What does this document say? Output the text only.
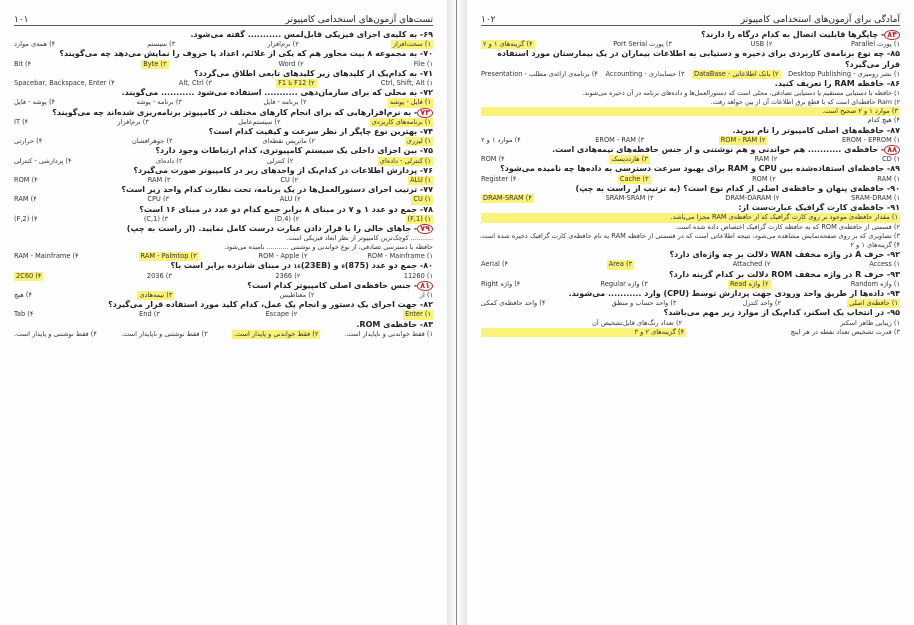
تست‌های آزمون‌های استخدامی کامپیوتر
۱۰۱
۶۹- به کلیه‌ی اجزای فیزیکی قابل‌لمس ........... گفته می‌شود.
۱) سخت‌افزار
۲) نرم‌افزار
۳) سیستم
۴) همه‌ی موارد
۷۰- به مجموعه ۸ بیت مجاور هم که یکی از علائم، اعداد یا حروف را نمایش می‌دهد چه می‌گویند؟
۱) File
۲) Word
۳) Byte
۴) Bit
۷۱- به کدام‌یک از کلیدهای زیر کلیدهای تابعی اطلاق می‌گردد؟
۱) Ctrl, Shift, Alt
۲) F12 تا F1
۳) Alt, Ctrl
۴) Spacebar, Backspace, Enter
۷۲- به محلی که برای سازمان‌دهی ........... استفاده می‌شود ........... می‌گویند.
۱) فایل - پوشه
۲) برنامه - فایل
۳) برنامه - پوشه
۴) پوشه - فایل
۷۳- به نرم‌افزارهایی که برای انجام کارهای مختلف در کامپیوتر برنامه‌ریزی شده‌اند چه می‌گویند؟
۱) برنامه‌های کاربردی
۲) سیستم‌عامل
۳) نرم‌افزار
۴) IT
۷۴- بهترین نوع چاپگر از نظر سرعت و کیفیت کدام است؟
۱) لیزری
۲) ماتریس نقطه‌ای
۳) جوهرافشان
۴) حرارتی
۷۵- بین اجزای داخلی یک سیستم کامپیوتری، کدام ارتباطات وجود دارد؟
۱) کنترلی - داده‌ای
۲) کنترلی
۳) داده‌ای
۴) پردازشی - کنترلی
۷۶- پردازش اطلاعات در کدام‌یک از واحدهای زیر در کامپیوتر صورت می‌گیرد؟
۱) ALU
۲) CU
۳) RAM
۴) ROM
۷۷- ترتیب اجرای دستورالعمل‌ها در یک برنامه، تحت نظارت کدام واحد زیر است؟
۱) CU
۲) ALU
۳) CPU
۴) RAM
۷۸- جمع دو عدد ۱ و ۷ در مبنای ۸ برابر جمع کدام دو عدد در مبنای ۱۶ است؟
۱) (1,F)
۲) (4,D)
۳) (1,C)
۴) (2,F)
۷۹- جاهای خالی را با قرار دادن عبارت درست کامل نمایید. (از راست به چپ)
........... کوچک‌ترین کامپیوتر از نظر ابعاد فیزیکی است.
حافظه با دسترسی تصادفی، از نوع خواندنی و نوشتنی ........... نامیده می‌شود.
۱) ROM - Mainframe
۲) ROM - Apple
۳) RAM - Palmtop
۴) RAM - Mainframe
۸۰- جمع دو عدد (875)₈ و (23EB)₁₆ در مبنای شانزده برابر است با؟
۱) 11260
۲) 2366
۳) 2036
۴) 2C60
۸۱- جنس حافظه‌ی اصلی کامپیوتر کدام است؟
۱) از
۲) مغناطیس
۳) نیمه‌هادی
۴) هیچ
۸۲- جهت اجرای یک دستور و انجام یک عمل، کدام کلید مورد استفاده قرار می‌گیرد؟
۱) Enter
۲) Escape
۳) End
۴) Tab
۸۳- حافظه‌ی ROM.
۱) فقط خواندنی و ناپایدار است.
۲) فقط خواندنی و پایدار است.
۳) فقط نوشتنی و ناپایدار است.
۴) فقط نوشتنی و پایدار است.
آمادگی برای آزمون‌های استخدامی کامپیوتر
۱۰۲
۸۴- چاپگرها قابلیت اتصال به کدام درگاه را دارند؟
۱) پورت Parallel
۲) USB
۳) پورت Port Serial
۴) گزینه‌های ۱ و ۲
۸۵- چه نوع برنامه‌ی کاربردی برای ذخیره و دستیابی به اطلاعات بیماران در یک بیمارستان مورد استفاده قرار می‌گیرد؟
۱) نشر رومیزی - Desktop Publishing
۲) بانک اطلاعاتی - DataBase
۳) حسابداری - Accounting
۴) برنامه‌ی ارائه‌ی مطلب - Presentation
۸۶- حافظه RAM را تعریف کنید.
۱) حافظه با دستیابی مستقیم یا دستیابی تصادفی، محلی است که دستورالعمل‌ها و داده‌های برنامه در آن ذخیره می‌شوند.
۲) Ram حافظه‌ای است که با قطع برق اطلاعات آن از بین خواهد رفت.
۳) موارد ۱ و ۲ صحیح است.
۴) هیچ کدام
۸۷- حافظه‌های اصلی کامپیوتر را نام ببرید.
۱) EROM - EPROM
۲) ROM - RAM
۳) EROM - RAM
۴) موارد ۱ و ۲
۸۸- حافظه‌ی ........... هم خواندنی و هم نوشتنی و از جنس حافظه‌های نیمه‌هادی است.
۱) CD
۲) RAM
۳) هارددیسک
۴) ROM
۸۹- حافظه‌ای استفاده‌شده بین CPU و RAM برای بهبود سرعت دسترسی به داده‌ها چه نامیده می‌شود؟
۱) RAM
۲) ROM
۳) Cache
۴) Register
۹۰- حافظه‌ی پنهان و حافظه‌ی اصلی از کدام نوع است؟ (به ترتیب از راست به چپ)
۱) SRAM-DRAM
۲) DRAM-DARAM
۳) SRAM-SRAM
۴) DRAM-SRAM
۹۱- حافظه‌ی کارت گرافیک عبارت‌ست از:
۱) مقدار حافظه‌ی موجود بر روی کارت گرافیک که از حافظه‌ی RAM مجزا می‌باشد.
۲) قسمتی از حافظه‌ی ROM که به حافظه کارت گرافیک اختصاص داده شده است.
۳) تصاویری که بر روی صفحه‌نمایش مشاهده می‌شود، نتیجه اطلاعاتی است که در قسمتی از حافظه RAM به نام حافظه‌ی کارت گرافیک ذخیره شده است.
۴) گزینه‌های ۱ و ۲
۹۲- حرف A در واژه مخفف WAN دلالت بر چه واژه‌ای دارد؟
۱) Access
۲) Attached
۳) Area
۴) Aerial
۹۳- حرف R در واژه مخفف ROM دلالت بر کدام گزینه دارد؟
۱) واژه Random
۲) واژه Read
۳) واژه Regular
۴) واژه Right
۹۴- داده‌ها از طریق واحد ورودی جهت پردازش توسط (CPU) وارد ........... می‌شوند.
۱) حافظه‌ی اصلی
۲) واحد کنترل
۳) واحد حساب و منطق
۴) واحد حافظه‌ی کمکی
۹۵- در انتخاب یک اسکنر، کدام‌یک از موارد زیر مهم می‌باشد؟
۱) زیبایی ظاهر اسکنر
۲) تعداد رنگ‌های قابل‌تشخیص آن
۳) قدرت تشخیص تعداد نقطه در هر اینچ
۴) گزینه‌های ۲ و ۳
